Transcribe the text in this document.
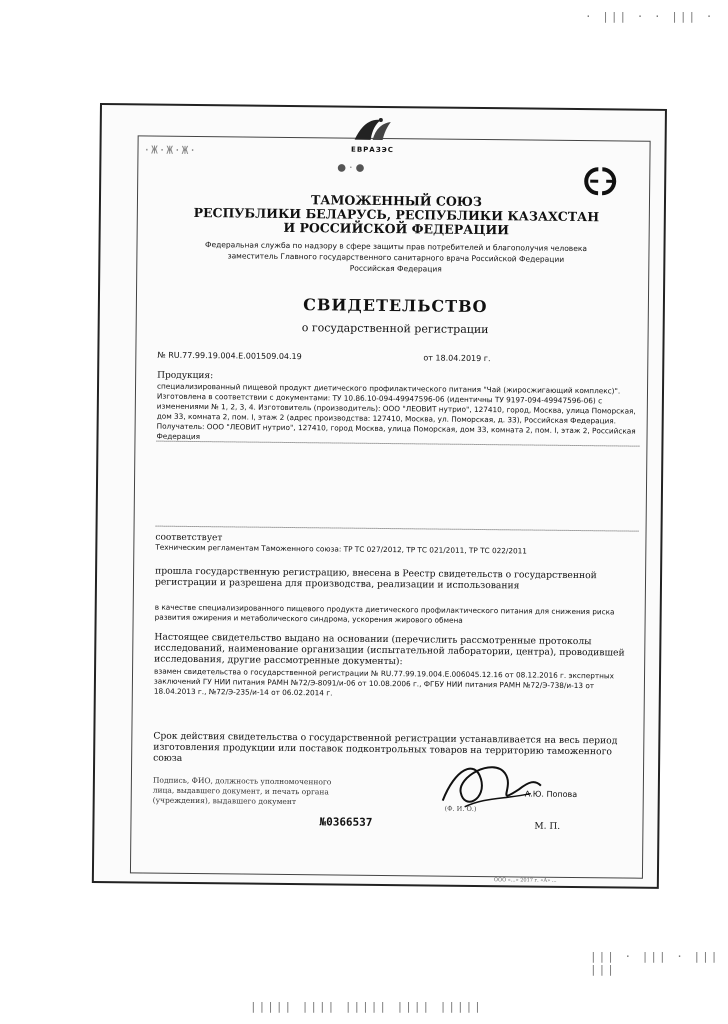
· ||| · · ||| ·
||| · ||| · ||| |||
||||| |||| ||||| |||| |||||
ЕВРАЗЭС
·Ж·Ж·Ж·
● · ●
ТАМОЖЕННЫЙ СОЮЗ
РЕСПУБЛИКИ БЕЛАРУСЬ, РЕСПУБЛИКИ КАЗАХСТАН
И РОССИЙСКОЙ ФЕДЕРАЦИИ
Федеральная служба по надзору в сфере защиты прав потребителей и благополучия человека
заместитель Главного государственного санитарного врача Российской Федерации
Российская Федерация
СВИДЕТЕЛЬСТВО
о государственной регистрации
№ RU.77.99.19.004.Е.001509.04.19	от 18.04.2019 г.
Продукция:
специализированный пищевой продукт диетического профилактического питания "Чай (жиросжигающий комплекс)". Изготовлена в соответствии с документами: ТУ 10.86.10-094-49947596-06 (идентичны ТУ 9197-094-49947596-06) с изменениями № 1, 2, 3, 4. Изготовитель (производитель): ООО "ЛЕОВИТ нутрио", 127410, город, Москва, улица Поморская, дом 33, комната 2, пом. I, этаж 2 (адрес производства: 127410, Москва, ул. Поморская, д. 33), Российская Федерация. Получатель: ООО "ЛЕОВИТ нутрио", 127410, город Москва, улица Поморская, дом 33, комната 2, пом. I, этаж 2, Российская Федерация
соответствует
Техническим регламентам Таможенного союза: ТР ТС 027/2012, ТР ТС 021/2011, ТР ТС 022/2011
прошла государственную регистрацию, внесена в Реестр свидетельств о государственной регистрации и разрешена для производства, реализации и использования
в качестве специализированного пищевого продукта диетического профилактического питания для снижения риска развития ожирения и метаболического синдрома, ускорения жирового обмена
Настоящее свидетельство выдано на основании (перечислить рассмотренные протоколы исследований, наименование организации (испытательной лаборатории, центра), проводившей исследования, другие рассмотренные документы):
взамен свидетельства о государственной регистрации № RU.77.99.19.004.Е.006045.12.16 от 08.12.2016 г. экспертных заключений ГУ НИИ питания РАМН №72/Э-8091/и-06 от 10.08.2006 г., ФГБУ НИИ питания РАМН №72/Э-738/и-13 от 18.04.2013 г., №72/Э-235/и-14 от 06.02.2014 г.
Срок действия свидетельства о государственной регистрации устанавливается на весь период изготовления продукции или поставок подконтрольных товаров на территорию таможенного союза
Подпись, ФИО, должность уполномоченного лица, выдавшего документ, и печать органа (учреждения), выдавшего документ
А.Ю. Попова
(Ф. И. О.)
№0366537	М. П.
ООО «...» 2017 г. «А» ...
